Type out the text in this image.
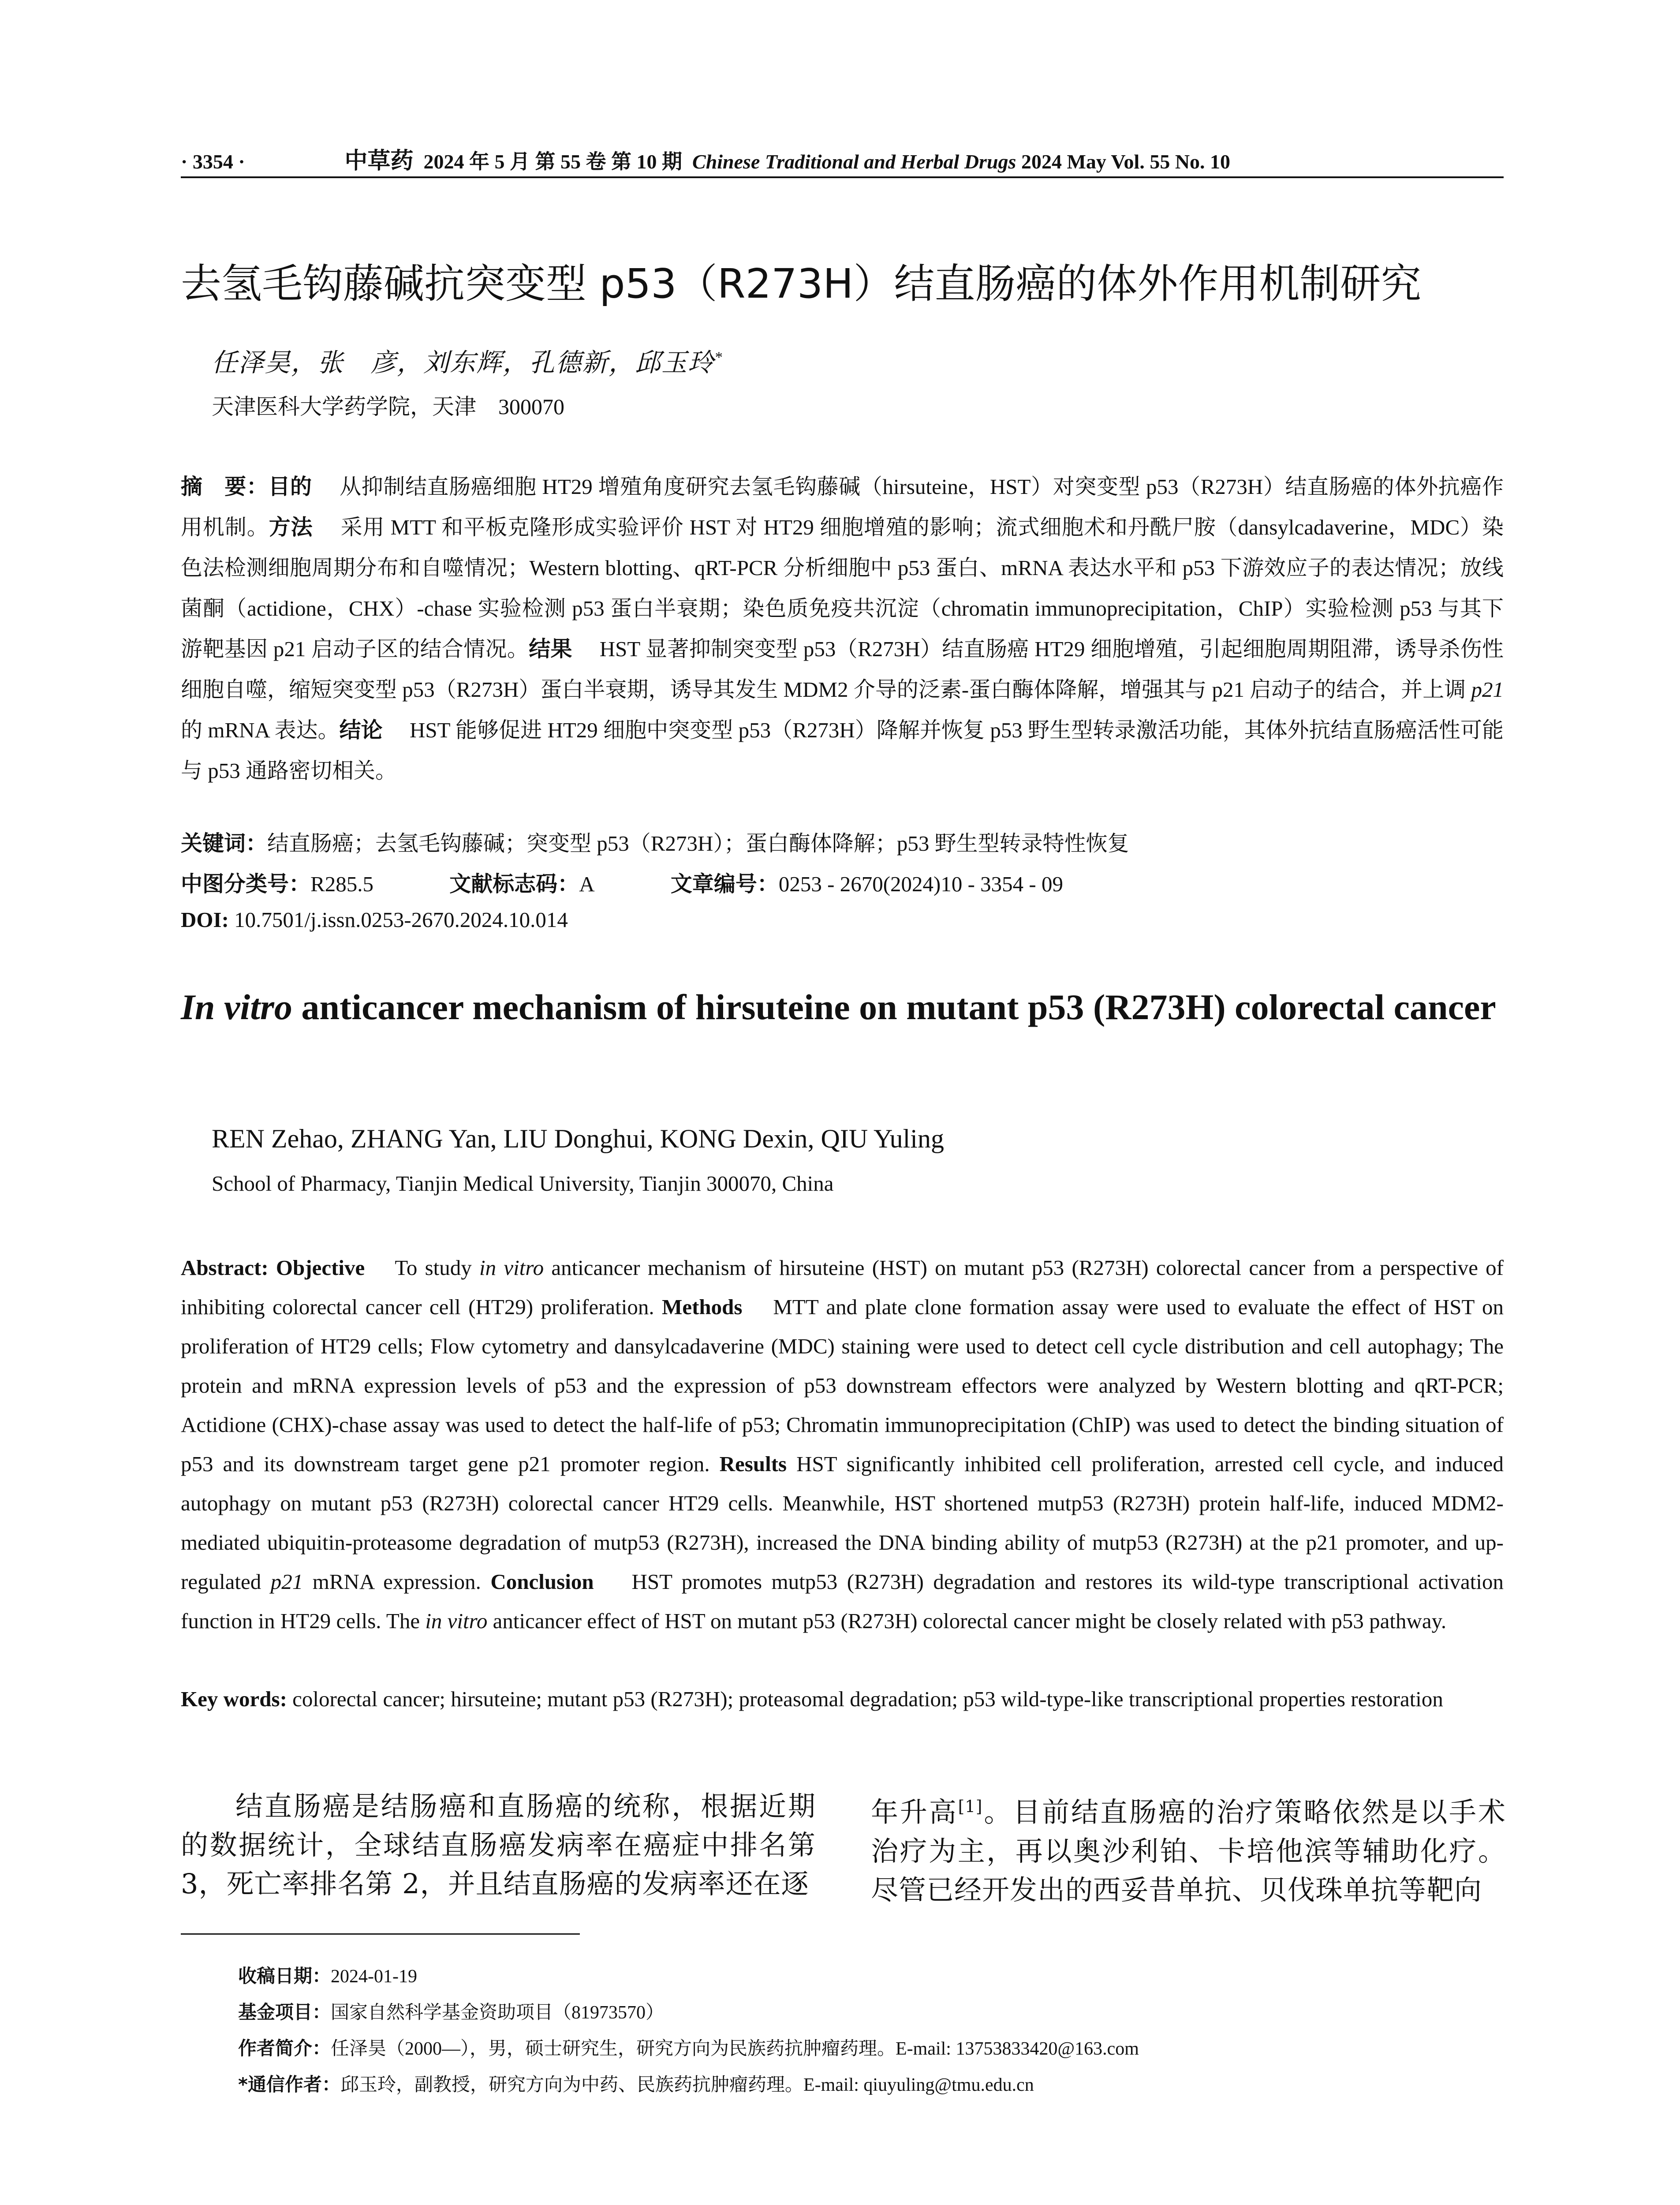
· 3354 ·	中草药 2024 年 5 月 第 55 卷 第 10 期 Chinese Traditional and Herbal Drugs 2024 May Vol. 55 No. 10
去氢毛钩藤碱抗突变型 p53（R273H）结直肠癌的体外作用机制研究
任泽昊，张　彦，刘东辉，孔德新，邱玉玲*
天津医科大学药学院，天津　300070
摘　要：目的　 从抑制结直肠癌细胞 HT29 增殖角度研究去氢毛钩藤碱（hirsuteine，HST）对突变型 p53（R273H）结直肠癌的体外抗癌作用机制。方法　 采用 MTT 和平板克隆形成实验评价 HST 对 HT29 细胞增殖的影响；流式细胞术和丹酰尸胺（dansylcadaverine，MDC）染色法检测细胞周期分布和自噬情况；Western blotting、qRT-PCR 分析细胞中 p53 蛋白、mRNA 表达水平和 p53 下游效应子的表达情况；放线菌酮（actidione，CHX）-chase 实验检测 p53 蛋白半衰期；染色质免疫共沉淀（chromatin immunoprecipitation，ChIP）实验检测 p53 与其下游靶基因 p21 启动子区的结合情况。结果　 HST 显著抑制突变型 p53（R273H）结直肠癌 HT29 细胞增殖，引起细胞周期阻滞，诱导杀伤性细胞自噬，缩短突变型 p53（R273H）蛋白半衰期，诱导其发生 MDM2 介导的泛素-蛋白酶体降解，增强其与 p21 启动子的结合，并上调 p21 的 mRNA 表达。结论　 HST 能够促进 HT29 细胞中突变型 p53（R273H）降解并恢复 p53 野生型转录激活功能，其体外抗结直肠癌活性可能与 p53 通路密切相关。
关键词：结直肠癌；去氢毛钩藤碱；突变型 p53（R273H）；蛋白酶体降解；p53 野生型转录特性恢复
中图分类号：R285.5	文献标志码：A	文章编号：0253 - 2670(2024)10 - 3354 - 09
DOI: 10.7501/j.issn.0253-2670.2024.10.014
In vitro anticancer mechanism of hirsuteine on mutant p53 (R273H) colorectal cancer
REN Zehao, ZHANG Yan, LIU Donghui, KONG Dexin, QIU Yuling
School of Pharmacy, Tianjin Medical University, Tianjin 300070, China
Abstract: Objective To study in vitro anticancer mechanism of hirsuteine (HST) on mutant p53 (R273H) colorectal cancer from a perspective of inhibiting colorectal cancer cell (HT29) proliferation. Methods MTT and plate clone formation assay were used to evaluate the effect of HST on proliferation of HT29 cells; Flow cytometry and dansylcadaverine (MDC) staining were used to detect cell cycle distribution and cell autophagy; The protein and mRNA expression levels of p53 and the expression of p53 downstream effectors were analyzed by Western blotting and qRT-PCR; Actidione (CHX)-chase assay was used to detect the half-life of p53; Chromatin immunoprecipitation (ChIP) was used to detect the binding situation of p53 and its downstream target gene p21 promoter region. Results HST significantly inhibited cell proliferation, arrested cell cycle, and induced autophagy on mutant p53 (R273H) colorectal cancer HT29 cells. Meanwhile, HST shortened mutp53 (R273H) protein half-life, induced MDM2-mediated ubiquitin-proteasome degradation of mutp53 (R273H), increased the DNA binding ability of mutp53 (R273H) at the p21 promoter, and up-regulated p21 mRNA expression. Conclusion HST promotes mutp53 (R273H) degradation and restores its wild-type transcriptional activation function in HT29 cells. The in vitro anticancer effect of HST on mutant p53 (R273H) colorectal cancer might be closely related with p53 pathway.
Key words: colorectal cancer; hirsuteine; mutant p53 (R273H); proteasomal degradation; p53 wild-type-like transcriptional properties restoration
结直肠癌是结肠癌和直肠癌的统称，根据近期的数据统计，全球结直肠癌发病率在癌症中排名第 3，死亡率排名第 2，并且结直肠癌的发病率还在逐
年升高[1]。目前结直肠癌的治疗策略依然是以手术治疗为主，再以奥沙利铂、卡培他滨等辅助化疗。尽管已经开发出的西妥昔单抗、贝伐珠单抗等靶向
收稿日期：2024-01-19
基金项目：国家自然科学基金资助项目（81973570）
作者简介：任泽昊（2000—），男，硕士研究生，研究方向为民族药抗肿瘤药理。E-mail: 13753833420@163.com
*通信作者：邱玉玲，副教授，研究方向为中药、民族药抗肿瘤药理。E-mail: qiuyuling@tmu.edu.cn
